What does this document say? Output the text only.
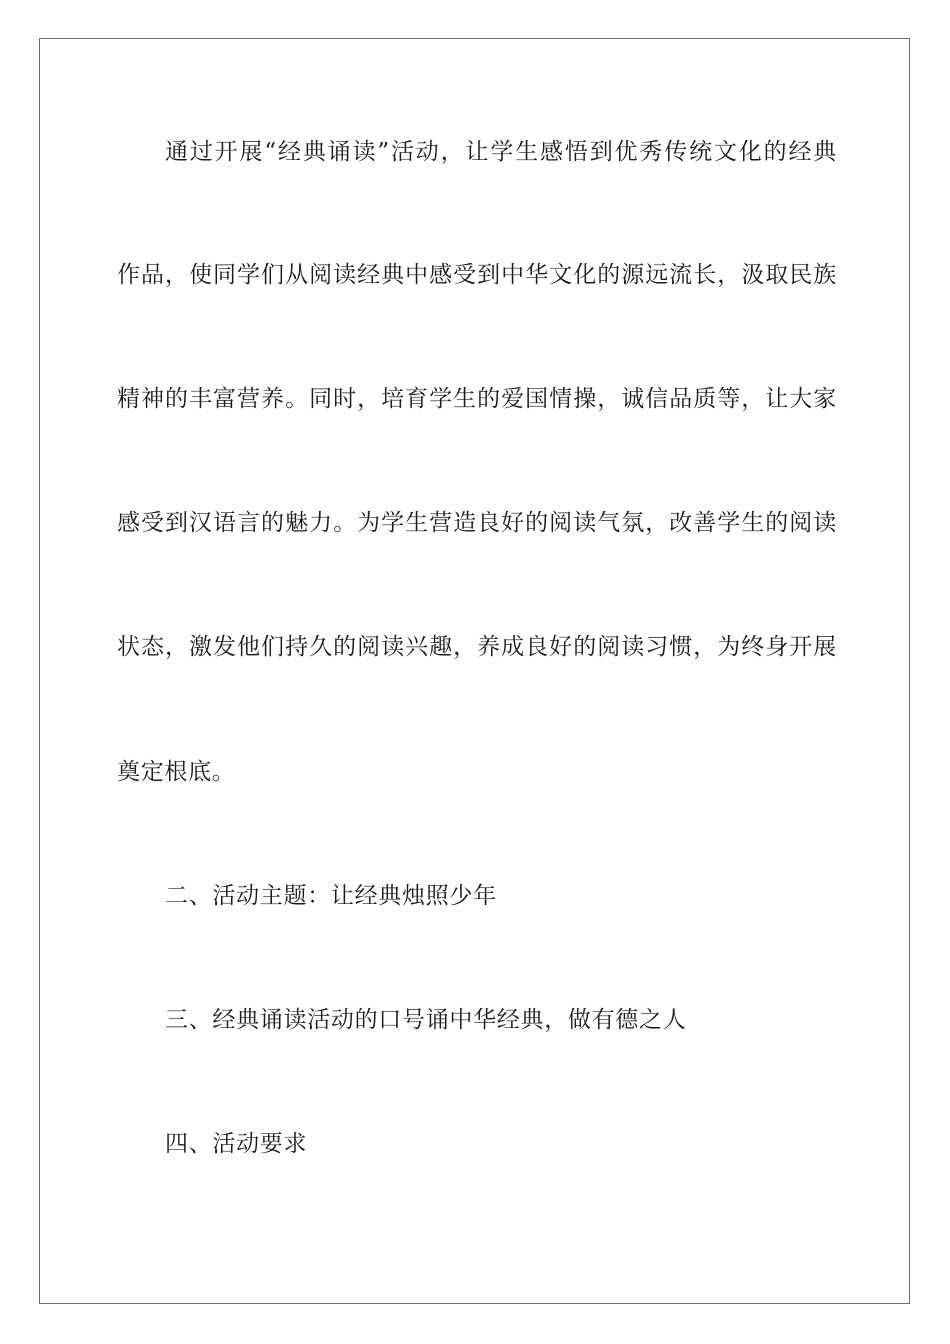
通过开展“经典诵读”活动，让学生感悟到优秀传统文化的经典
作品，使同学们从阅读经典中感受到中华文化的源远流长，汲取民族
精神的丰富营养。同时，培育学生的爱国情操，诚信品质等，让大家
感受到汉语言的魅力。为学生营造良好的阅读气氛，改善学生的阅读
状态，激发他们持久的阅读兴趣，养成良好的阅读习惯，为终身开展
奠定根底。
二、活动主题：让经典烛照少年
三、经典诵读活动的口号诵中华经典，做有德之人
四、活动要求
